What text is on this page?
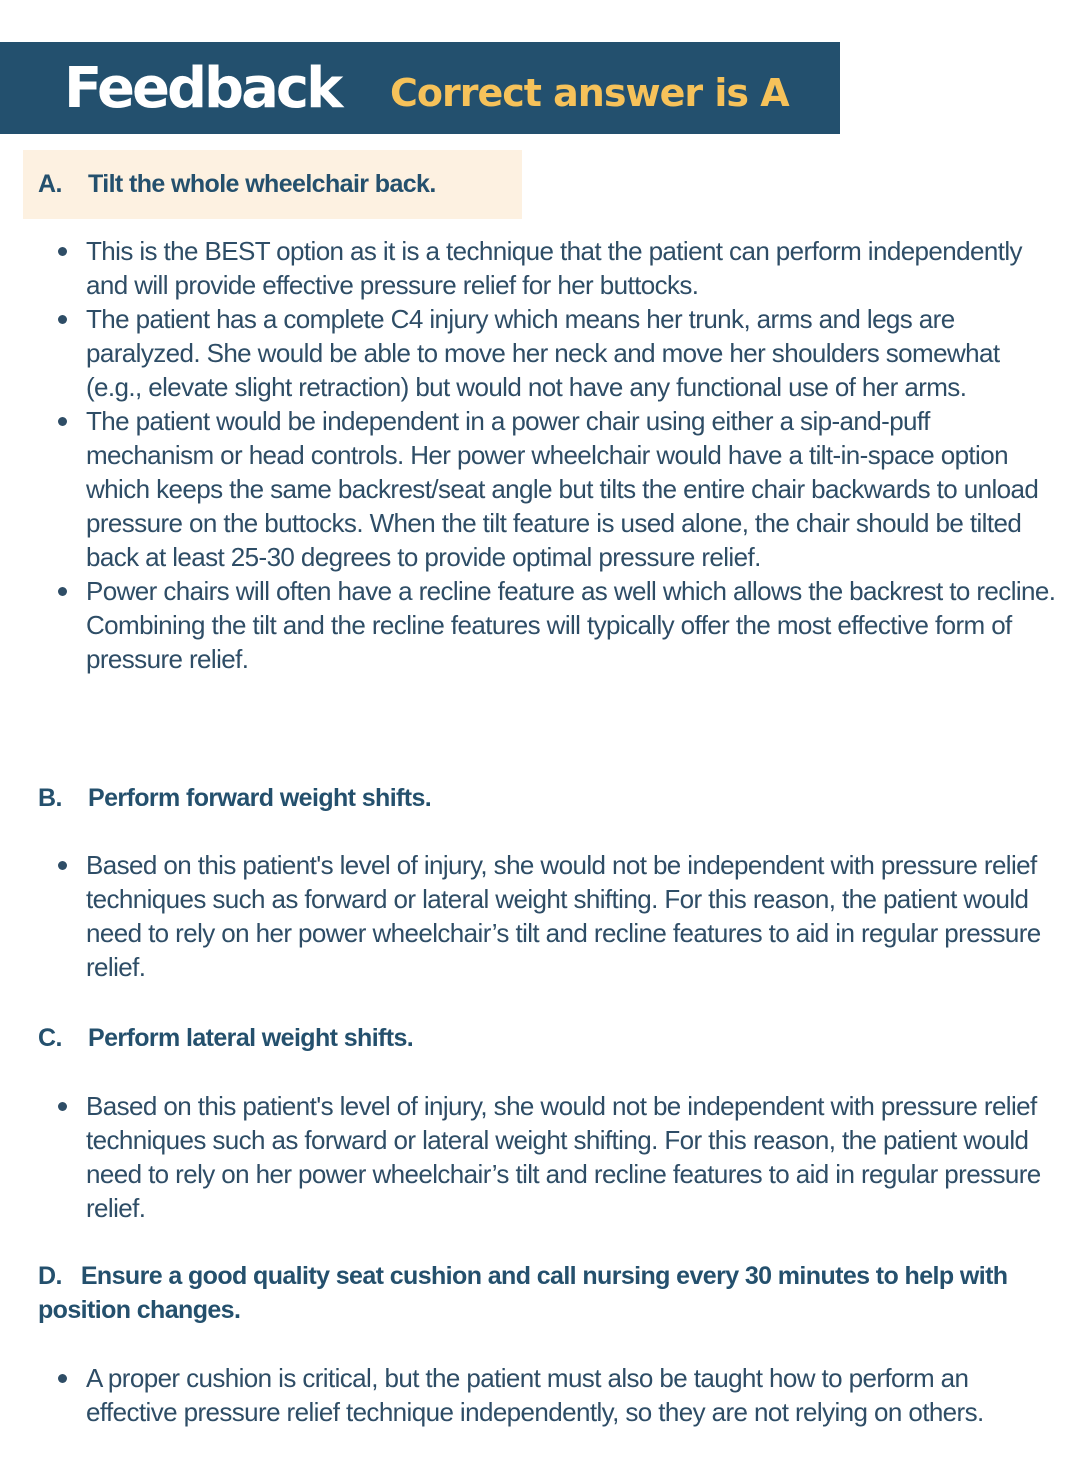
Feedback Correct answer is A
A. Tilt the whole wheelchair back.
This is the BEST option as it is a technique that the patient can perform independently and will provide effective pressure relief for her buttocks.
The patient has a complete C4 injury which means her trunk, arms and legs are paralyzed. She would be able to move her neck and move her shoulders somewhat (e.g., elevate slight retraction) but would not have any functional use of her arms.
The patient would be independent in a power chair using either a sip-and-puff mechanism or head controls. Her power wheelchair would have a tilt-in-space option which keeps the same backrest/seat angle but tilts the entire chair backwards to unload pressure on the buttocks. When the tilt feature is used alone, the chair should be tilted back at least 25-30 degrees to provide optimal pressure relief.
Power chairs will often have a recline feature as well which allows the backrest to recline. Combining the tilt and the recline features will typically offer the most effective form of pressure relief.
B. Perform forward weight shifts.
Based on this patient's level of injury, she would not be independent with pressure relief techniques such as forward or lateral weight shifting. For this reason, the patient would need to rely on her power wheelchair’s tilt and recline features to aid in regular pressure relief.
C. Perform lateral weight shifts.
Based on this patient's level of injury, she would not be independent with pressure relief techniques such as forward or lateral weight shifting. For this reason, the patient would need to rely on her power wheelchair’s tilt and recline features to aid in regular pressure relief.
D. Ensure a good quality seat cushion and call nursing every 30 minutes to help with position changes.
A proper cushion is critical, but the patient must also be taught how to perform an effective pressure relief technique independently, so they are not relying on others.
